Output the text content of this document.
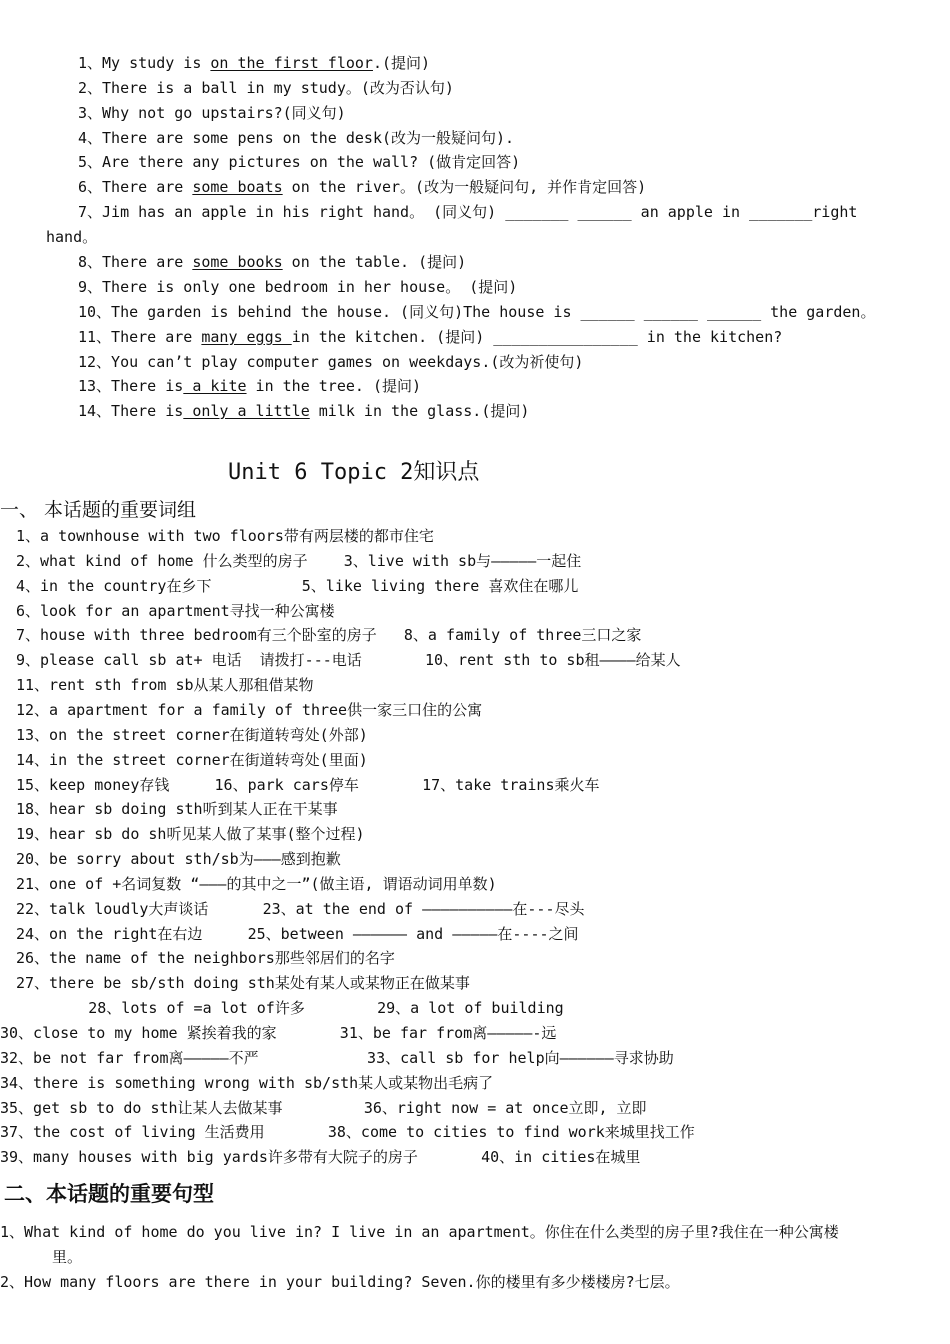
1、My study is on the first floor.(提问)
2、There is a ball in my study。(改为否认句)
3、Why not go upstairs?(同义句)
4、There are some pens on the desk(改为一般疑问句).
5、Are there any pictures on the wall? (做肯定回答)
6、There are some boats on the river。(改为一般疑问句, 并作肯定回答)
7、Jim has an apple in his right hand。 (同义句) _______ ______ an apple in _______right
hand。
8、There are some books on the table. (提问)
9、There is only one bedroom in her house。 (提问)
10、The garden is behind the house. (同义句)The house is ______ ______ ______ the garden。
11、There are many eggs in the kitchen. (提问) ________________ in the kitchen?
12、You can’t play computer games on weekdays.(改为祈使句)
13、There is a kite in the tree. (提问)
14、There is only a little milk in the glass.(提问)
Unit 6 Topic 2知识点
一、 本话题的重要词组
1、a townhouse with two floors带有两层楼的都市住宅
2、what kind of home 什么类型的房子    3、live with sb与—————一起住
4、in the country在乡下          5、like living there 喜欢住在哪儿
6、look for an apartment寻找一种公寓楼
7、house with three bedroom有三个卧室的房子   8、a family of three三口之家
9、please call sb at+ 电话  请拨打---电话       10、rent sth to sb租————给某人
11、rent sth from sb从某人那租借某物
12、a apartment for a family of three供一家三口住的公寓
13、on the street corner在街道转弯处(外部)
14、in the street corner在街道转弯处(里面)
15、keep money存钱     16、park cars停车       17、take trains乘火车
18、hear sb doing sth听到某人正在干某事
19、hear sb do sh听见某人做了某事(整个过程)
20、be sorry about sth/sb为———感到抱歉
21、one of +名词复数 “———的其中之一”(做主语, 谓语动词用单数)
22、talk loudly大声谈话      23、at the end of ——————————在---尽头
24、on the right在右边     25、between —————— and —————在----之间
26、the name of the neighbors那些邻居们的名字
27、there be sb/sth doing sth某处有某人或某物正在做某事
28、lots of =a lot of许多        29、a lot of building
30、close to my home 紧挨着我的家       31、be far from离—————-远
32、be not far from离—————不严            33、call sb for help向——————寻求协助
34、there is something wrong with sb/sth某人或某物出毛病了
35、get sb to do sth让某人去做某事         36、right now = at once立即, 立即
37、the cost of living 生活费用       38、come to cities to find work来城里找工作
39、many houses with big yards许多带有大院子的房子       40、in cities在城里
二、本话题的重要句型
1、What kind of home do you live in? I live in an apartment。你住在什么类型的房子里?我住在一种公寓楼
里。
2、How many floors are there in your building? Seven.你的楼里有多少楼楼房?七层。
